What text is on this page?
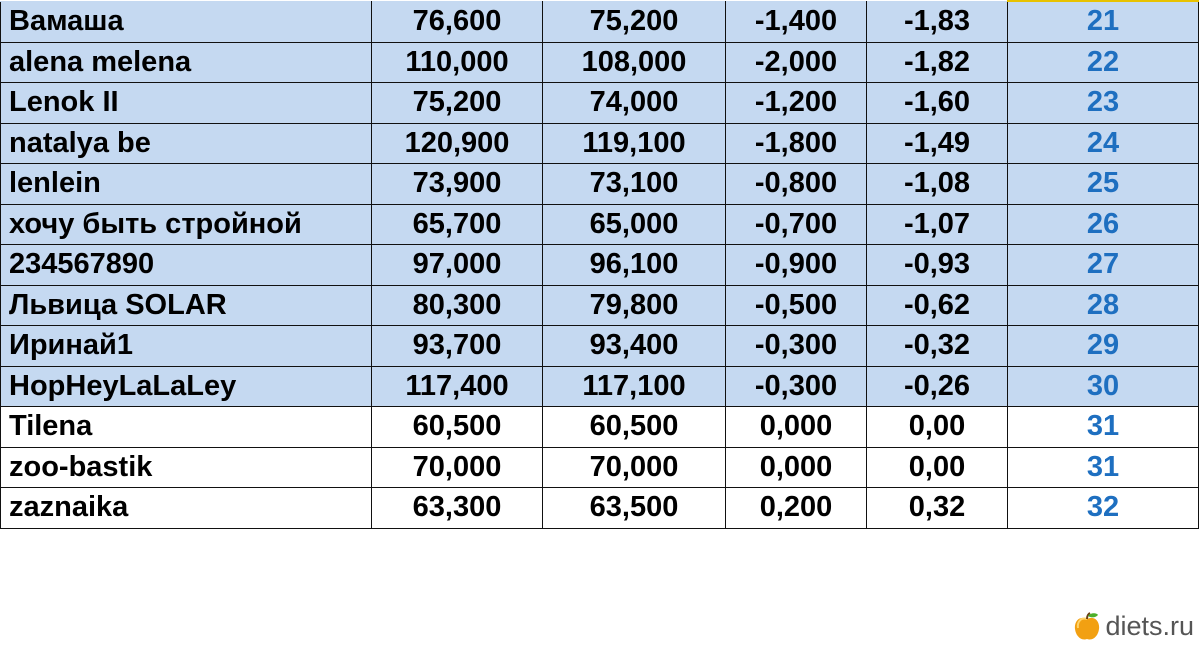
Вамаша	76,600	75,200	-1,400	-1,83	21
alena melena	110,000	108,000	-2,000	-1,82	22
Lenok II	75,200	74,000	-1,200	-1,60	23
natalya be	120,900	119,100	-1,800	-1,49	24
lenlein	73,900	73,100	-0,800	-1,08	25
хочу быть стройной	65,700	65,000	-0,700	-1,07	26
234567890	97,000	96,100	-0,900	-0,93	27
Львица SOLAR	80,300	79,800	-0,500	-0,62	28
Иринай1	93,700	93,400	-0,300	-0,32	29
HopHeyLaLaLey	117,400	117,100	-0,300	-0,26	30
Tilena	60,500	60,500	0,000	0,00	31
zoo-bastik	70,000	70,000	0,000	0,00	31
zaznaika	63,300	63,500	0,200	0,32	32
diets.ru
